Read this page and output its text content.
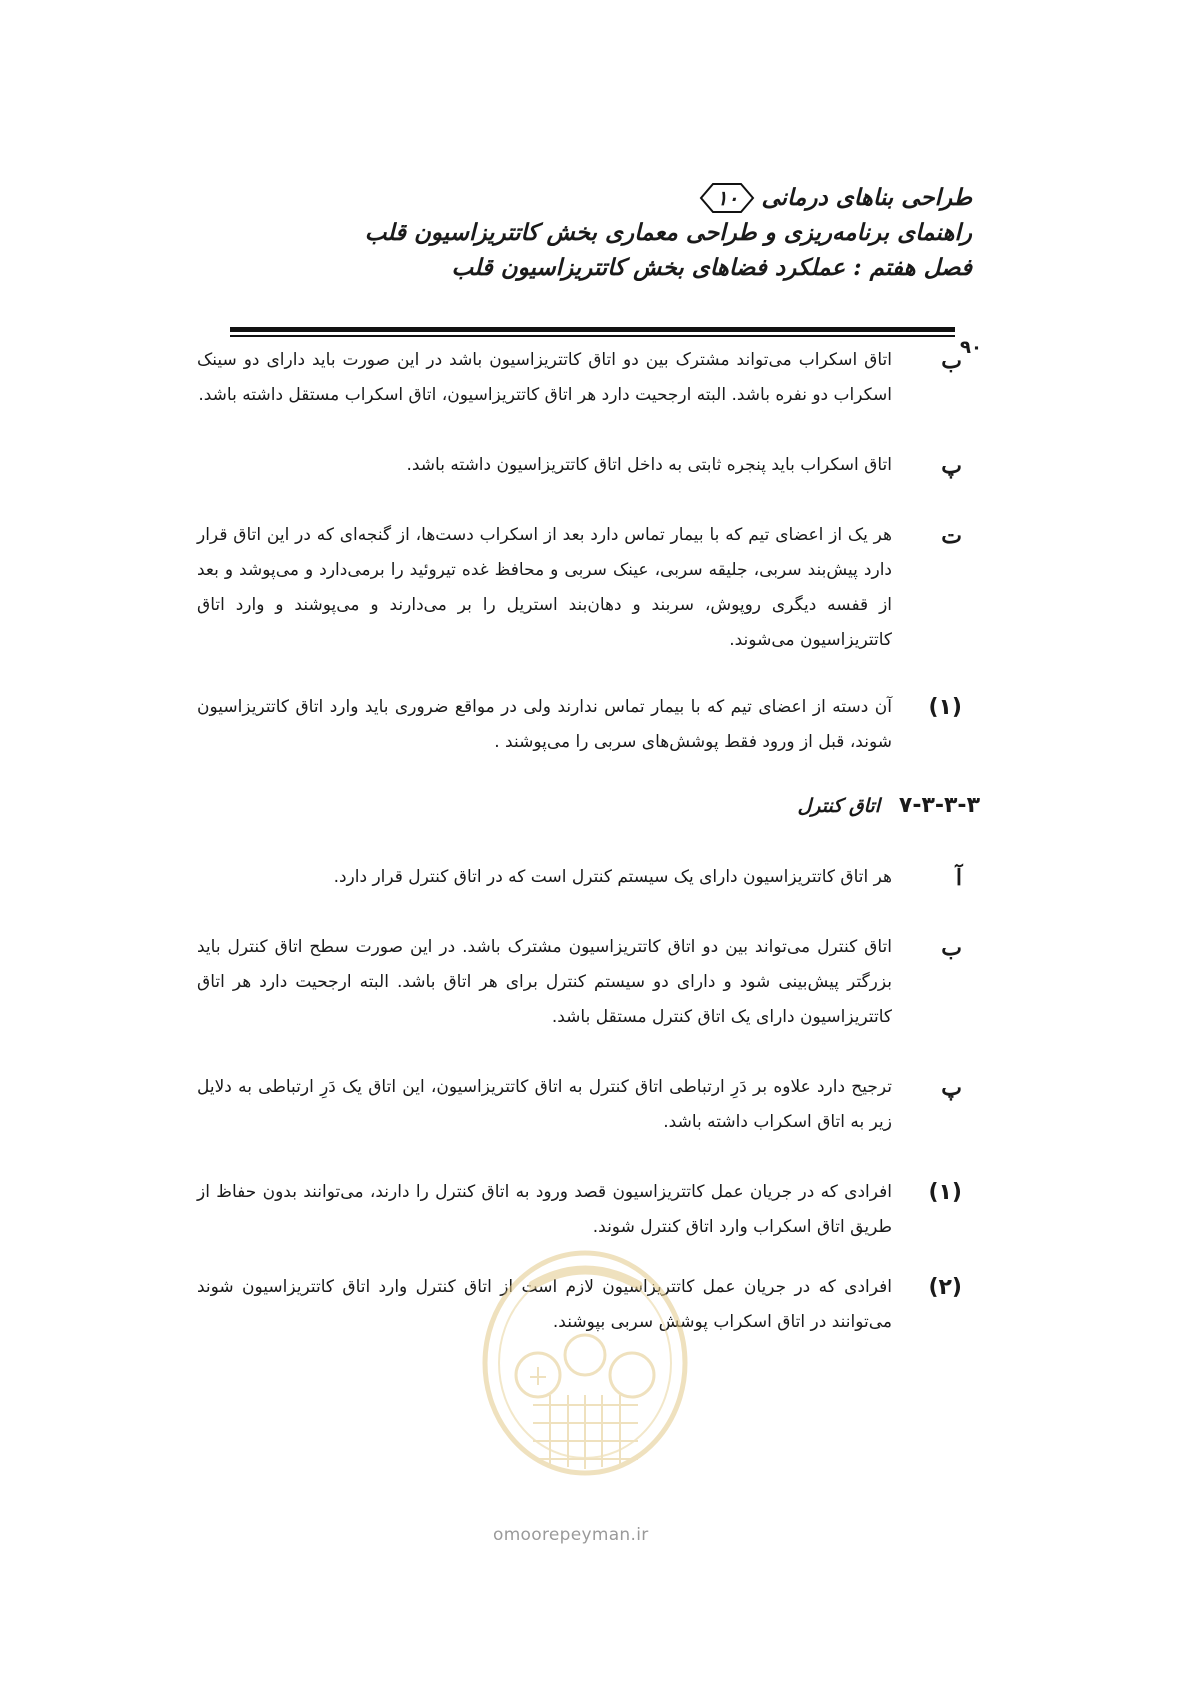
طراحی بناهای درمانی
۱۰
راهنمای برنامه‌ریزی و طراحی معماری بخش کاتتریزاسیون قلب
فصل هفتم : عملکرد فضاهای بخش کاتتریزاسیون قلب
۹۰
ب
اتاق اسکراب می‌تواند مشترک بین دو اتاق کاتتریزاسیون باشد در این صورت باید دارای دو سینک اسکراب دو نفره باشد. البته ارجحیت دارد هر اتاق کاتتریزاسیون، اتاق اسکراب مستقل داشته باشد.
پ
اتاق اسکراب باید پنجره ثابتی به داخل اتاق کاتتریزاسیون داشته باشد.
ت
هر یک از اعضای تیم که با بیمار تماس دارد بعد از اسکراب دست‌ها، از گنجه‌ای که در این اتاق قرار دارد پیش‌بند سربی، جلیقه سربی، عینک سربی و محافظ غده تیروئید را برمی‌دارد و می‌پوشد و بعد از قفسه دیگری روپوش، سربند و دهان‌بند استریل را بر می‌دارند و می‌پوشند و وارد اتاق کاتتریزاسیون می‌شوند.
(۱)
آن دسته از اعضای تیم که با بیمار تماس ندارند ولی در مواقع ضروری باید وارد اتاق کاتتریزاسیون شوند، قبل از ورود فقط پوشش‌های سربی را می‌پوشند .
۷-۳-۳-۳
اتاق کنترل
آ
هر اتاق کاتتریزاسیون دارای یک سیستم کنترل است که در اتاق کنترل قرار دارد.
ب
اتاق کنترل می‌تواند بین دو اتاق کاتتریزاسیون مشترک باشد. در این صورت سطح اتاق کنترل باید بزرگتر پیش‌بینی شود و دارای دو سیستم کنترل برای هر اتاق باشد. البته ارجحیت دارد هر اتاق کاتتریزاسیون دارای یک اتاق کنترل مستقل باشد.
پ
ترجیح دارد علاوه بر دَرِ ارتباطی اتاق کنترل به اتاق کاتتریزاسیون، این اتاق یک دَرِ ارتباطی به دلایل زیر به اتاق اسکراب داشته باشد.
(۱)
افرادی که در جریان عمل کاتتریزاسیون قصد ورود به اتاق کنترل را دارند، می‌توانند بدون حفاظ از طریق اتاق اسکراب وارد اتاق کنترل شوند.
(۲)
افرادی که در جریان عمل کاتتریزاسیون لازم است از اتاق کنترل وارد اتاق کاتتریزاسیون شوند می‌توانند در اتاق اسکراب پوشش سربی بپوشند.
omoorepeyman.ir
